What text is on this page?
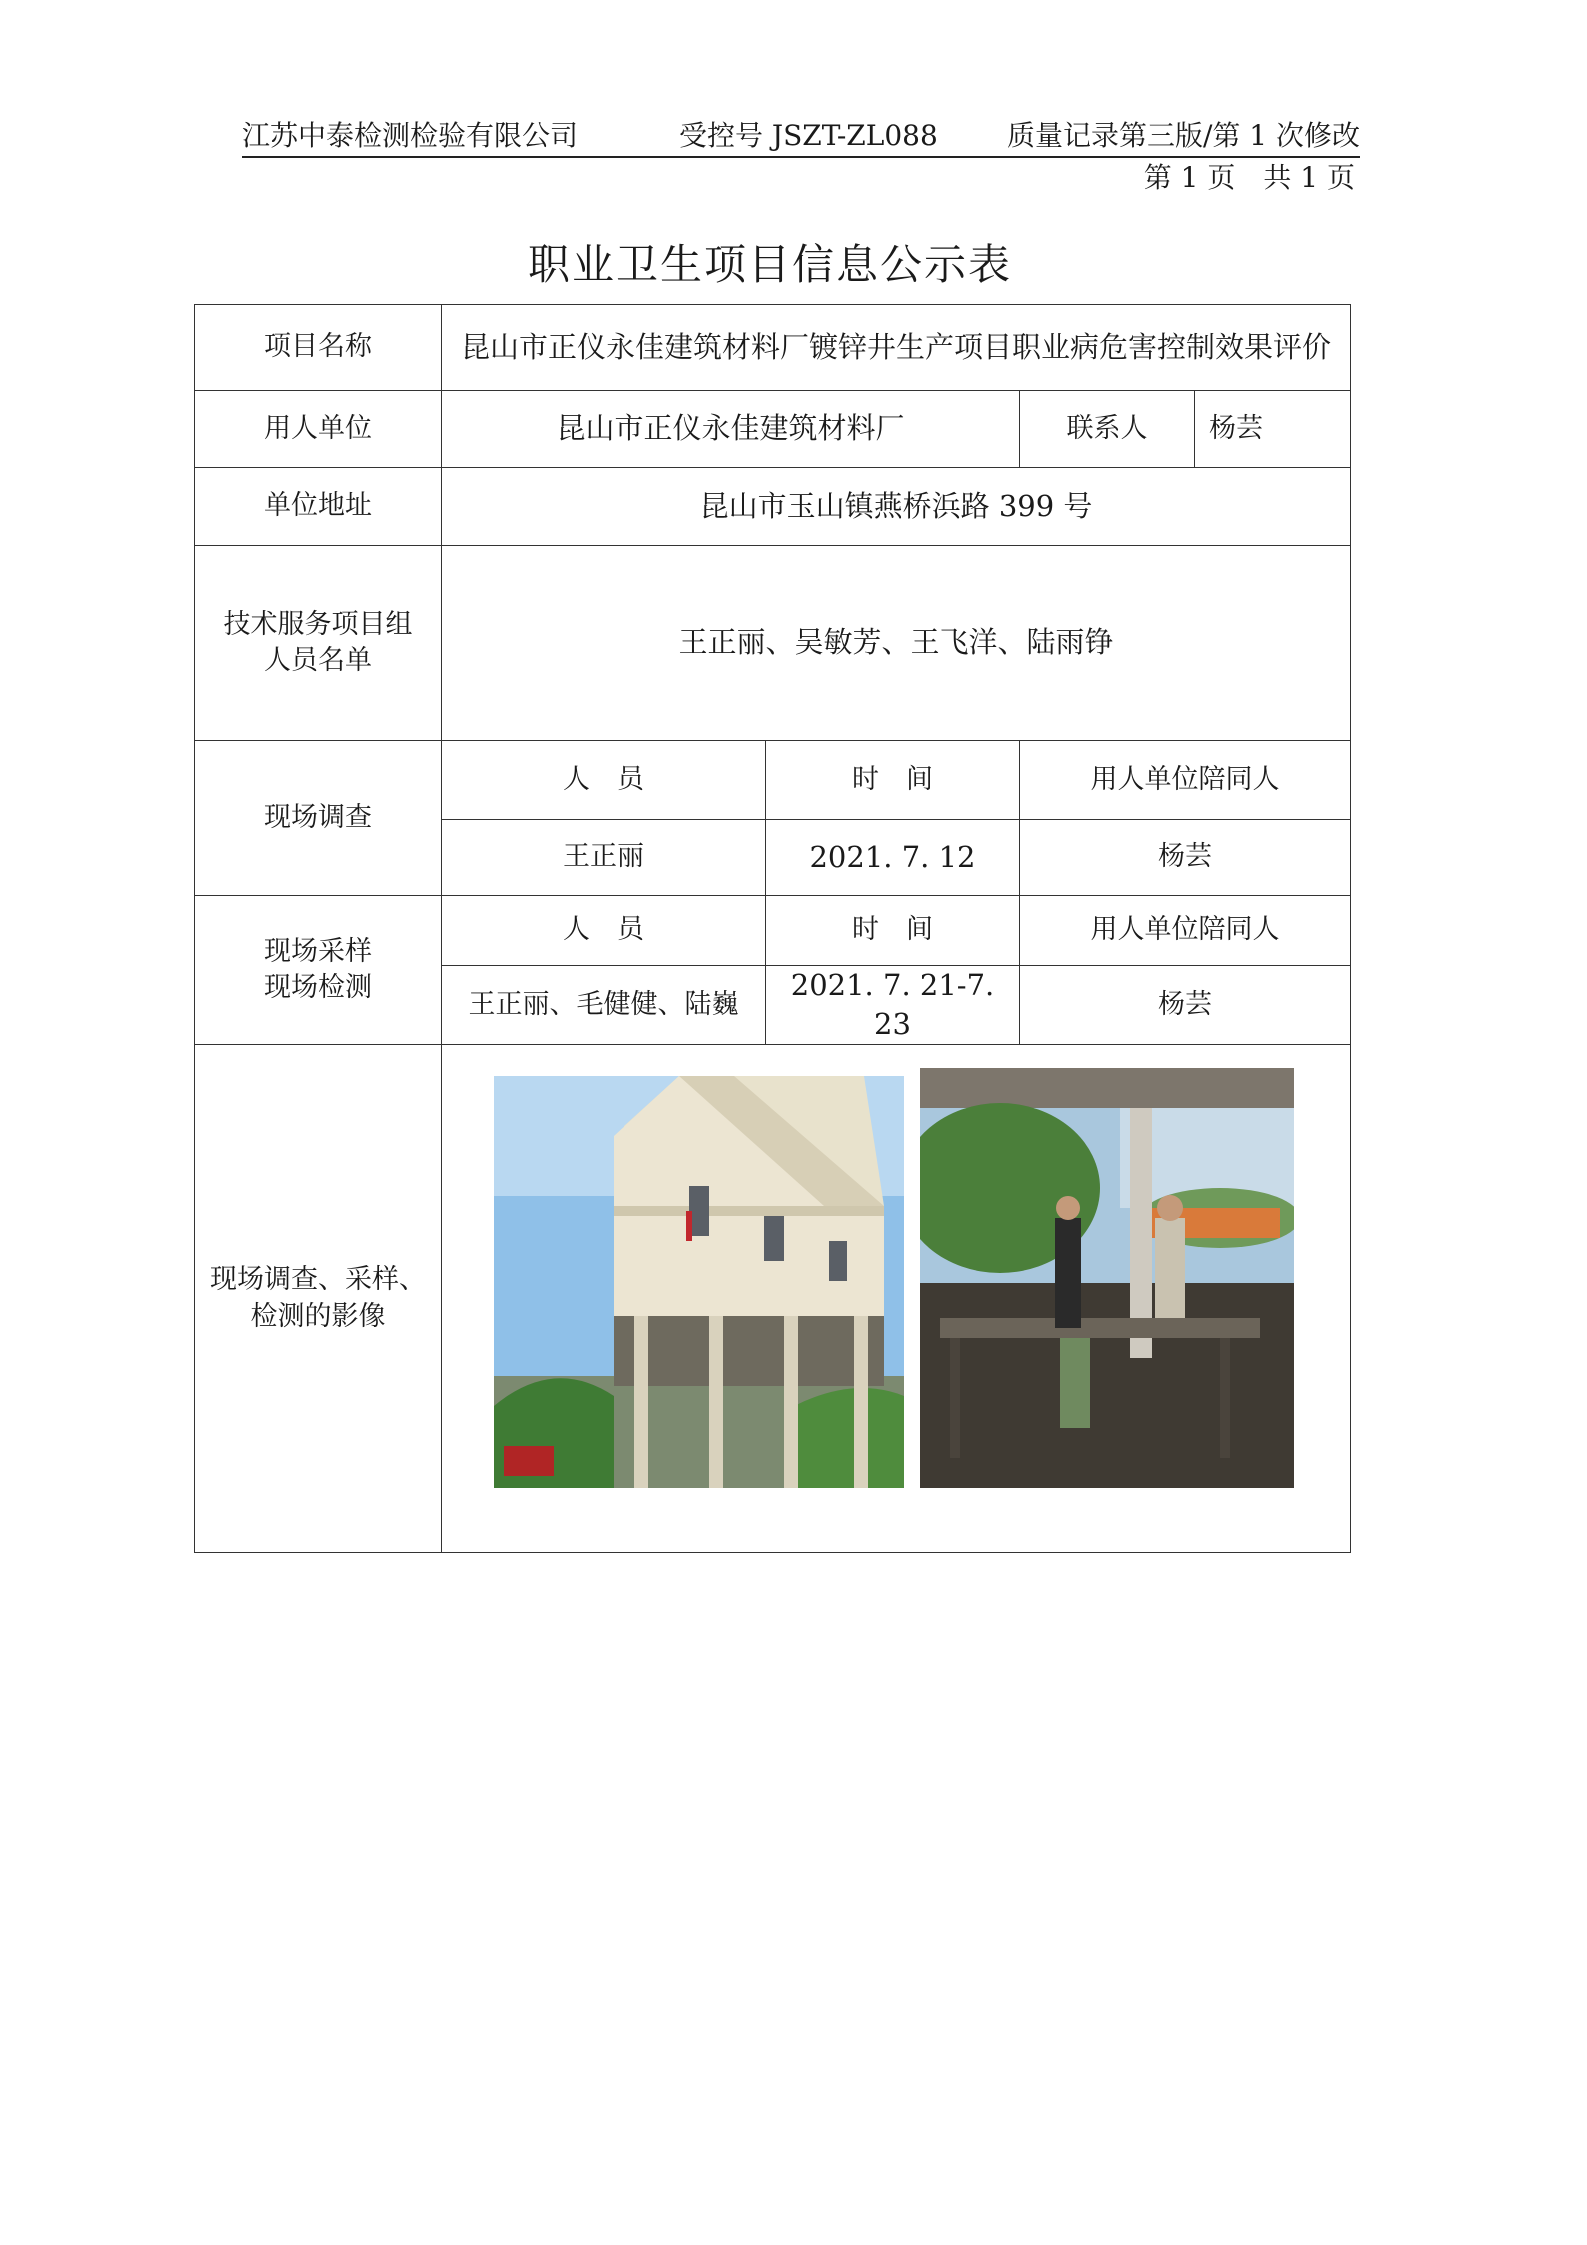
江苏中泰检测检验有限公司	受控号 JSZT-ZL088 质量记录第三版/第 1 次修改
第 1 页　共 1 页
职业卫生项目信息公示表
项目名称	昆山市正仪永佳建筑材料厂镀锌井生产项目职业病危害控制效果评价			
用人单位	昆山市正仪永佳建筑材料厂		联系人	杨芸
单位地址	昆山市玉山镇燕桥浜路 399 号			
技术服务项目组人员名单	王正丽、吴敏芳、王飞洋、陆雨铮			
现场调查	人　员	时　间	用人单位陪同人	
	王正丽	2021. 7. 12	杨芸	
现场采样现场检测	人　员	时　间	用人单位陪同人	
	王正丽、毛健健、陆巍	2021. 7. 21-7. 23	杨芸	
现场调查、采样、检测的影像	
